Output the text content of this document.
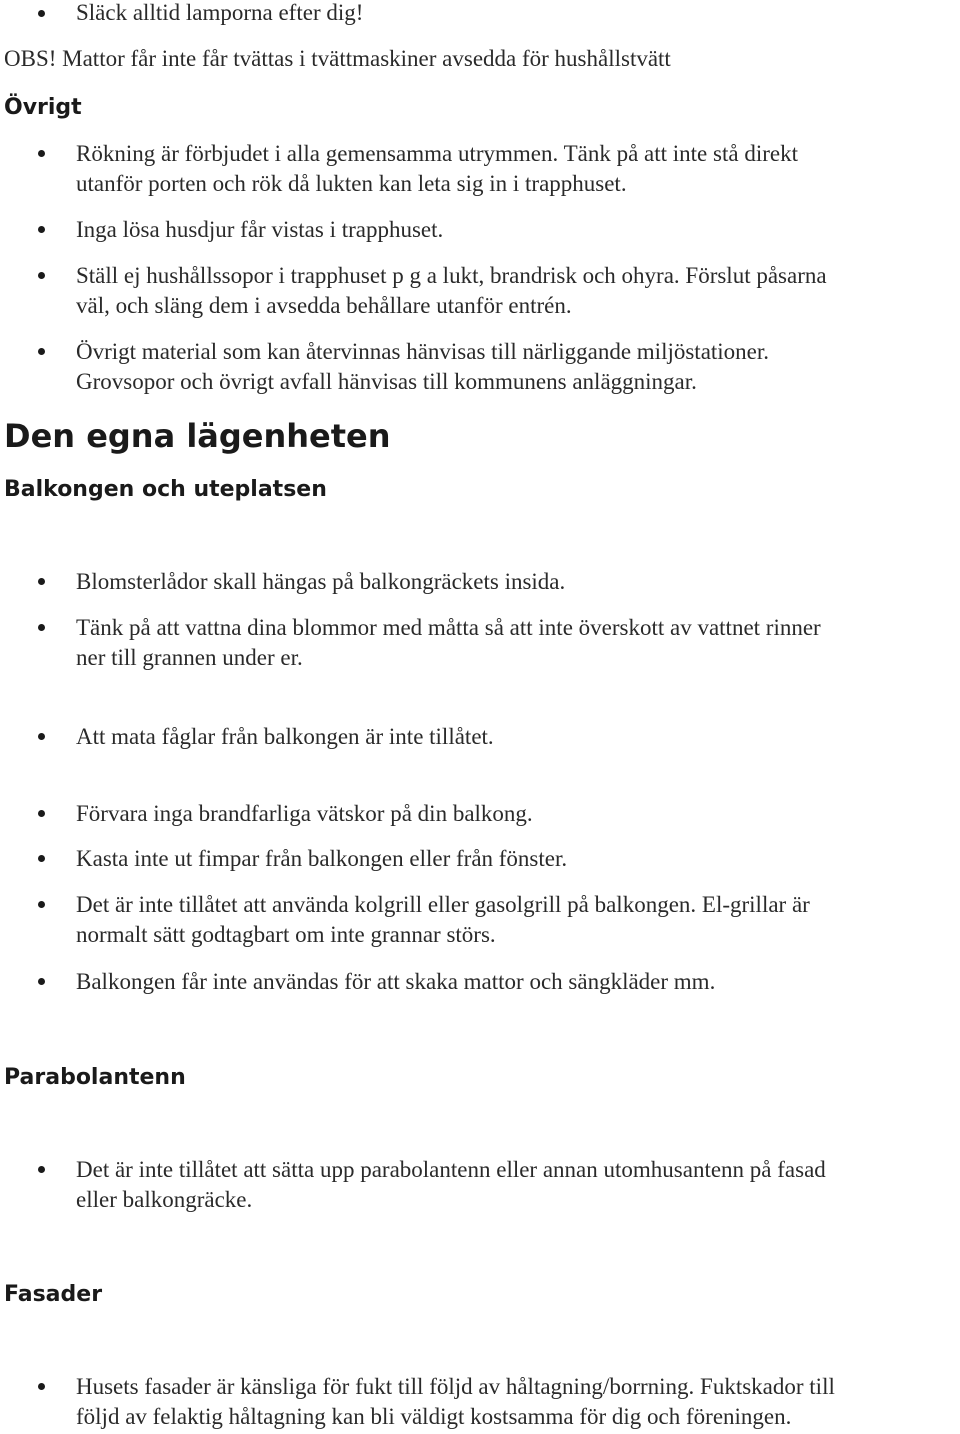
Släck alltid lamporna efter dig!
OBS! Mattor får inte får tvättas i tvättmaskiner avsedda för hushållstvätt
Övrigt
Rökning är förbjudet i alla gemensamma utrymmen. Tänk på att inte stå direkt
utanför porten och rök då lukten kan leta sig in i trapphuset.
Inga lösa husdjur får vistas i trapphuset.
Ställ ej hushållssopor i trapphuset p g a lukt, brandrisk och ohyra. Förslut påsarna
väl, och släng dem i avsedda behållare utanför entrén.
Övrigt material som kan återvinnas hänvisas till närliggande miljöstationer.
Grovsopor och övrigt avfall hänvisas till kommunens anläggningar.
Den egna lägenheten
Balkongen och uteplatsen
Blomsterlådor skall hängas på balkongräckets insida.
Tänk på att vattna dina blommor med måtta så att inte överskott av vattnet rinner
ner till grannen under er.
Att mata fåglar från balkongen är inte tillåtet.
Förvara inga brandfarliga vätskor på din balkong.
Kasta inte ut fimpar från balkongen eller från fönster.
Det är inte tillåtet att använda kolgrill eller gasolgrill på balkongen. El-grillar är
normalt sätt godtagbart om inte grannar störs.
Balkongen får inte användas för att skaka mattor och sängkläder mm.
Parabolantenn
Det är inte tillåtet att sätta upp parabolantenn eller annan utomhusantenn på fasad
eller balkongräcke.
Fasader
Husets fasader är känsliga för fukt till följd av håltagning/borrning. Fuktskador till
följd av felaktig håltagning kan bli väldigt kostsamma för dig och föreningen.
